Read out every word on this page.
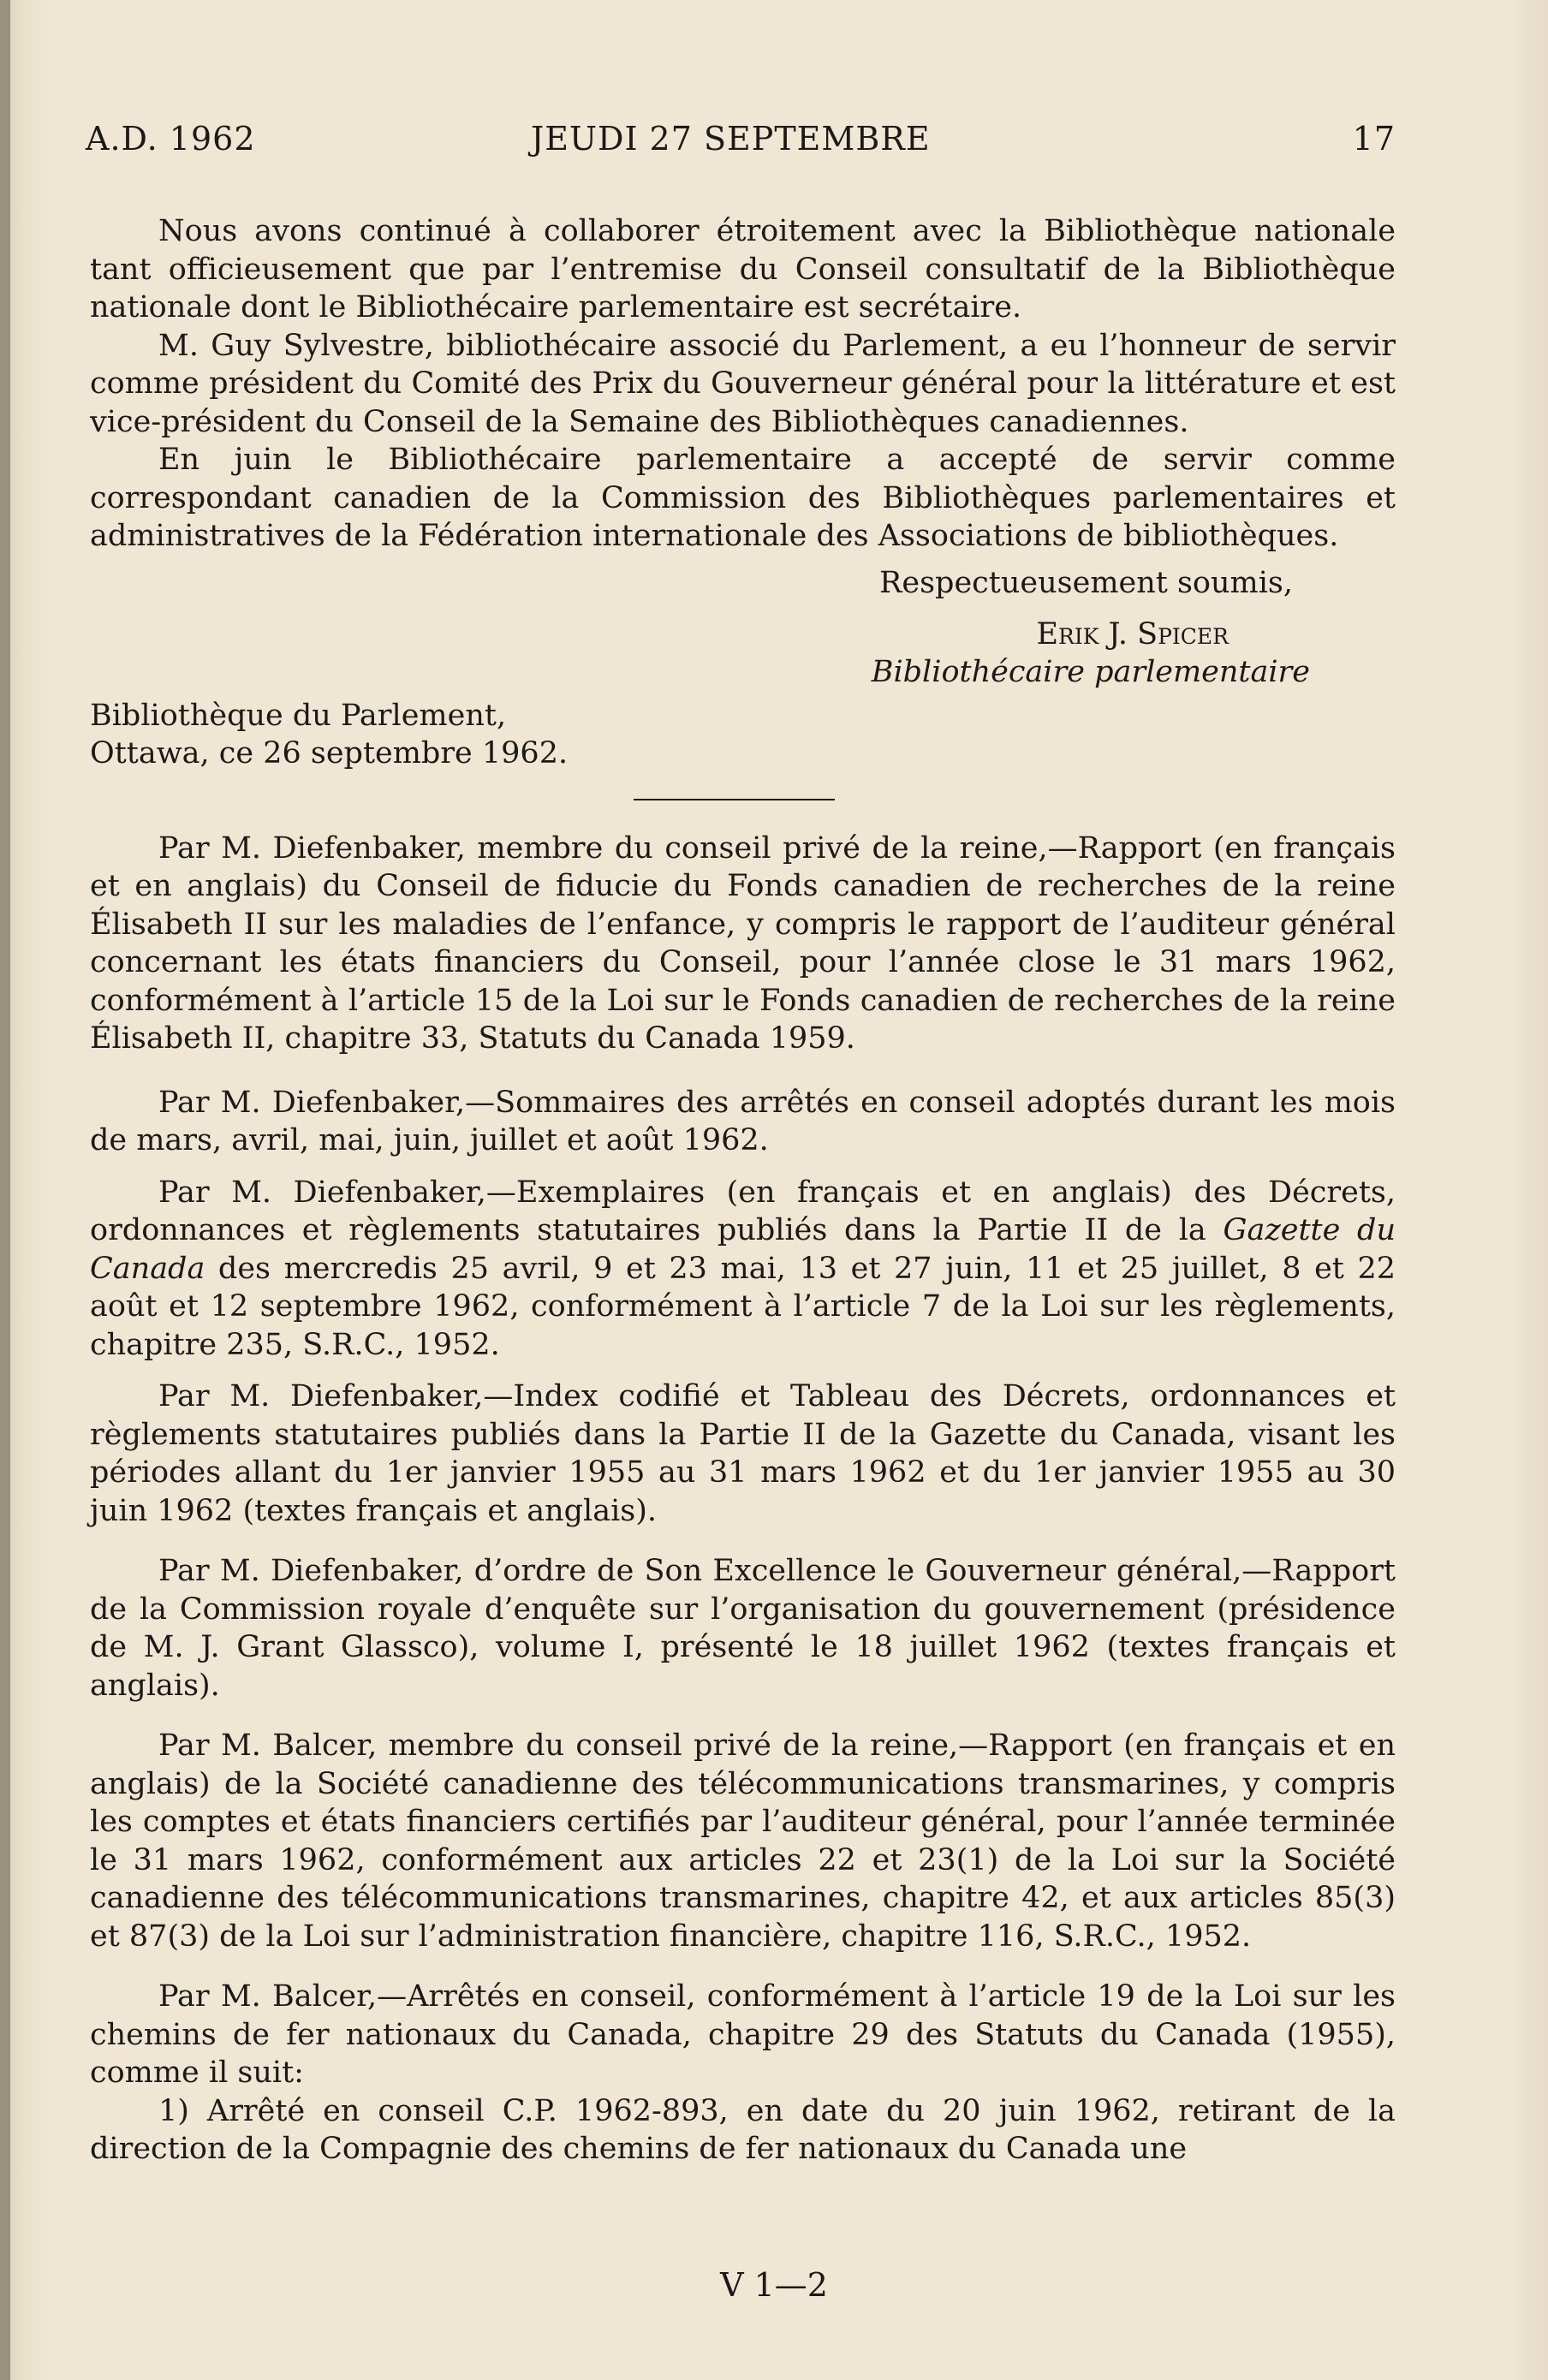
A.D. 1962	JEUDI 27 SEPTEMBRE	17

Nous avons continué à collaborer étroitement avec la Bibliothèque nationale tant officieusement que par l’entremise du Conseil consultatif de la Bibliothèque nationale dont le Bibliothécaire parlementaire est secrétaire.

M. Guy Sylvestre, bibliothécaire associé du Parlement, a eu l’honneur de servir comme président du Comité des Prix du Gouverneur général pour la littérature et est vice-président du Conseil de la Semaine des Bibliothèques canadiennes.

En juin le Bibliothécaire parlementaire a accepté de servir comme correspondant canadien de la Commission des Bibliothèques parlementaires et administratives de la Fédération internationale des Associations de bibliothèques.

Respectueusement soumis,
Erik J. Spicer
Bibliothécaire parlementaire

Bibliothèque du Parlement,

Ottawa, ce 26 septembre 1962.

Par M. Diefenbaker, membre du conseil privé de la reine,—Rapport (en français et en anglais) du Conseil de fiducie du Fonds canadien de recherches de la reine Élisabeth II sur les maladies de l’enfance, y compris le rapport de l’auditeur général concernant les états financiers du Conseil, pour l’année close le 31 mars 1962, conformément à l’article 15 de la Loi sur le Fonds canadien de recherches de la reine Élisabeth II, chapitre 33, Statuts du Canada 1959.

Par M. Diefenbaker,—Sommaires des arrêtés en conseil adoptés durant les mois de mars, avril, mai, juin, juillet et août 1962.

Par M. Diefenbaker,—Exemplaires (en français et en anglais) des Décrets, ordonnances et règlements statutaires publiés dans la Partie II de la Gazette du Canada des mercredis 25 avril, 9 et 23 mai, 13 et 27 juin, 11 et 25 juillet, 8 et 22 août et 12 septembre 1962, conformément à l’article 7 de la Loi sur les règlements, chapitre 235, S.R.C., 1952.

Par M. Diefenbaker,—Index codifié et Tableau des Décrets, ordonnances et règlements statutaires publiés dans la Partie II de la Gazette du Canada, visant les périodes allant du 1er janvier 1955 au 31 mars 1962 et du 1er janvier 1955 au 30 juin 1962 (textes français et anglais).

Par M. Diefenbaker, d’ordre de Son Excellence le Gouverneur général,—Rapport de la Commission royale d’enquête sur l’organisation du gouvernement (présidence de M. J. Grant Glassco), volume I, présenté le 18 juillet 1962 (textes français et anglais).

Par M. Balcer, membre du conseil privé de la reine,—Rapport (en français et en anglais) de la Société canadienne des télécommunications transmarines, y compris les comptes et états financiers certifiés par l’auditeur général, pour l’année terminée le 31 mars 1962, conformément aux articles 22 et 23(1) de la Loi sur la Société canadienne des télécommunications transmarines, chapitre 42, et aux articles 85(3) et 87(3) de la Loi sur l’administration financière, chapitre 116, S.R.C., 1952.

Par M. Balcer,—Arrêtés en conseil, conformément à l’article 19 de la Loi sur les chemins de fer nationaux du Canada, chapitre 29 des Statuts du Canada (1955), comme il suit:

1) Arrêté en conseil C.P. 1962-893, en date du 20 juin 1962, retirant de la direction de la Compagnie des chemins de fer nationaux du Canada une

V 1—2
